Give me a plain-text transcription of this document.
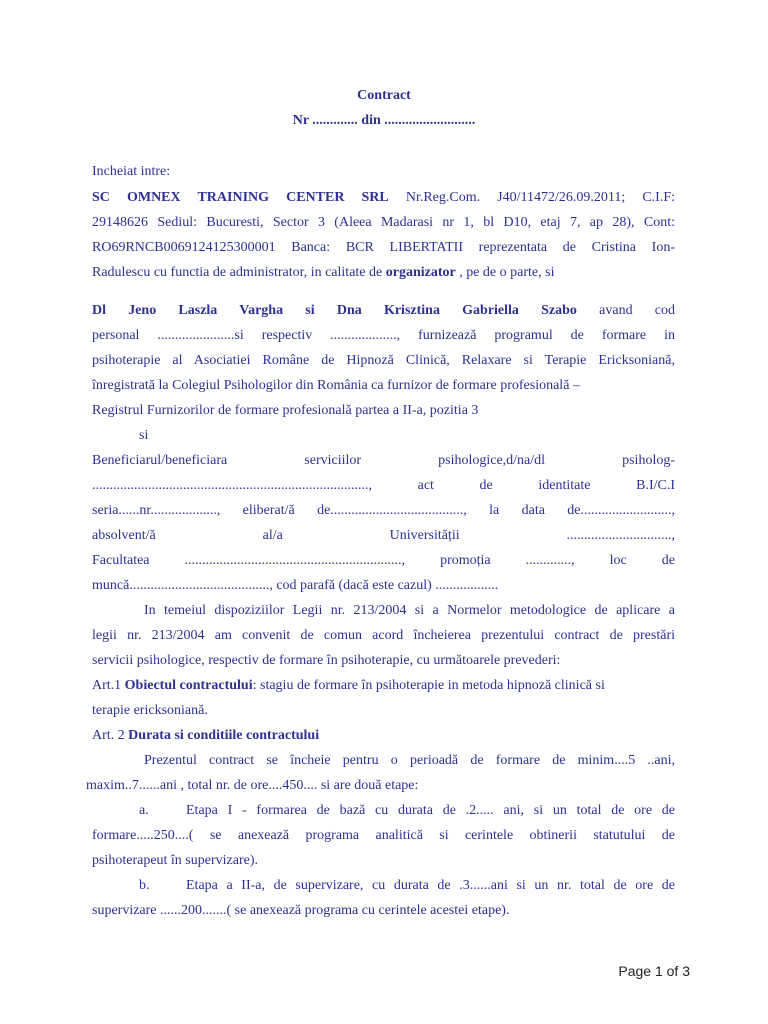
Contract
Nr ............. din ..........................
Incheiat intre:
SC OMNEX TRAINING CENTER SRL Nr.Reg.Com. J40/11472/26.09.2011; C.I.F:
29148626 Sediul: Bucuresti, Sector 3 (Aleea Madarasi nr 1, bl D10, etaj 7, ap 28), Cont:
RO69RNCB0069124125300001 Banca: BCR LIBERTATII reprezentata de Cristina Ion-
Radulescu cu functia de administrator, in calitate de organizator , pe de o parte, si
Dl Jeno Laszla Vargha si Dna Krisztina Gabriella Szabo avand cod
personal ......................si respectiv ..................., furnizează programul de formare in
psihoterapie al Asociatiei Române de Hipnoză Clinică, Relaxare si Terapie Ericksoniană,
înregistrată la Colegiul Psihologilor din România ca furnizor de formare profesională –
Registrul Furnizorilor de formare profesională partea a II-a, pozitia 3
si
Beneficiarul/beneficiara serviciilor psihologice,d/na/dl psiholog-
..............................................................................., act de identitate B.I/C.I
seria......nr..................., eliberat/ă de......................................, la data de..........................,
absolvent/ă al/a Universității ..............................,
Facultatea .............................................................., promoția ............., loc de
muncă........................................, cod parafă (dacă este cazul) ..................
In temeiul dispoziziilor Legii nr. 213/2004 si a Normelor metodologice de aplicare a
legii nr. 213/2004 am convenit de comun acord încheierea prezentului contract de prestări
servicii psihologice, respectiv de formare în psihoterapie, cu următoarele prevederi:
Art.1 Obiectul contractului: stagiu de formare în psihoterapie in metoda hipnoză clinică si
terapie ericksoniană.
Art. 2 Durata si conditiile contractului
Prezentul contract se încheie pentru o perioadă de formare de minim....5 ..ani,
maxim..7......ani , total nr. de ore....450.... si are două etape:
a.	Etapa I - formarea de bază cu durata de .2..... ani, si un total de ore de
formare.....250....( se anexează programa analitică si cerintele obtinerii statutului de
psihoterapeut în supervizare).
b.	Etapa a II-a, de supervizare, cu durata de .3......ani si un nr. total de ore de
supervizare ......200.......( se anexează programa cu cerintele acestei etape).
Page 1 of 3
